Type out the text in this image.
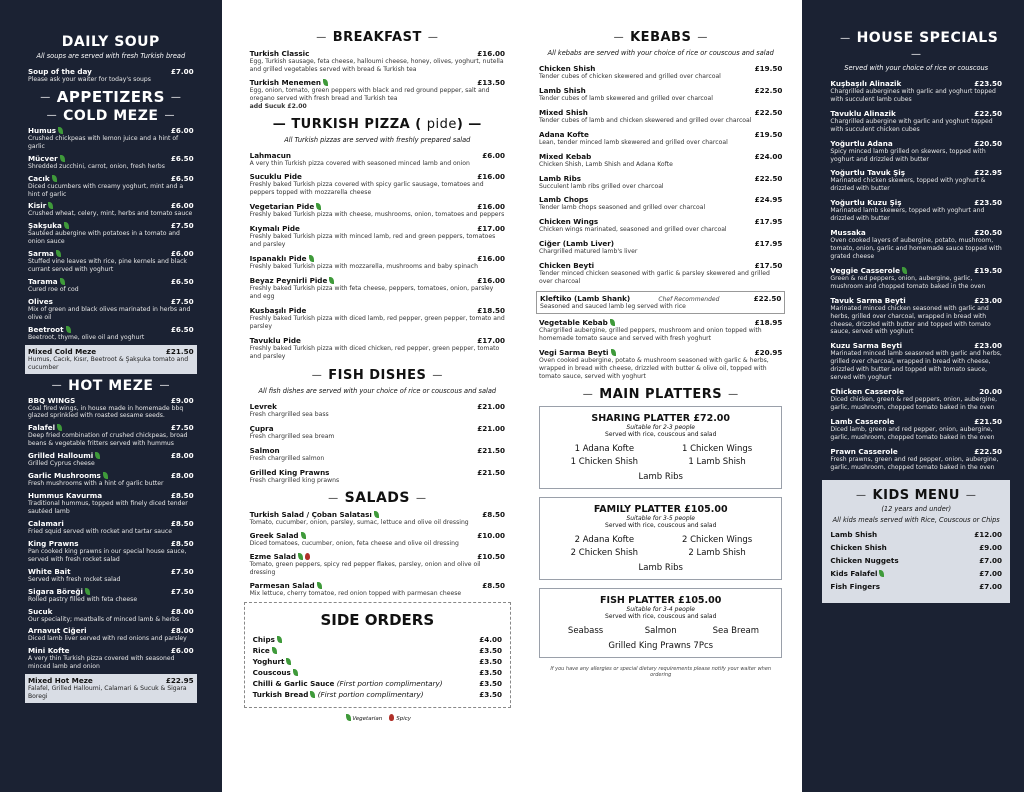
DAILY SOUP
All soups are served with fresh Turkish bread
Soup of the day	£7.00
Please ask your waiter for today's soups
— APPETIZERS —
— COLD MEZE —
Humus	£6.00
Crushed chickpeas with lemon juice and a hint of garlic
Mücver	£6.50
Shredded zucchini, carrot, onion, fresh herbs
Cacık	£6.50
Diced cucumbers with creamy yoghurt, mint and a hint of garlic
Kisir	£6.00
Crushed wheat, celery, mint, herbs and tomato sauce
Şakşuka	£7.50
Sautéed aubergine with potatoes in a tomato and onion sauce
Sarma	£6.00
Stuffed vine leaves with rice, pine kernels and black currant served with yoghurt
Tarama	£6.50
Cured roe of cod
Olives	£7.50
Mix of green and black olives marinated in herbs and olive oil
Beetroot	£6.50
Beetroot, thyme, olive oil and yoghurt
Mixed Cold Meze	£21.50
Humus, Cacık, Kısır, Beetroot & Şakşuka tomato and cucumber
— HOT MEZE —
BBQ WINGS	£9.00
Coal fired wings, in house made in homemade bbq glazed sprinkled with roasted sesame seeds.
Falafel	£7.50
Deep fried combination of crushed chickpeas, broad beans & vegetable fritters served with hummus
Grilled Halloumi	£8.00
Grilled Cyprus cheese
Garlic Mushrooms	£8.00
Fresh mushrooms with a hint of garlic butter
Hummus Kavurma	£8.50
Traditional hummus, topped with finely diced tender sautéed lamb
Calamari	£8.50
Fried squid served with rocket and tartar sauce
King Prawns	£8.50
Pan cooked king prawns in our special house sauce, served with fresh rocket salad
White Bait	£7.50
Served with fresh rocket salad
Sigara Böreği	£7.50
Rolled pastry filled with feta cheese
Sucuk	£8.00
Our speciality; meatballs of minced lamb & herbs
Arnavut Ciğeri	£8.00
Diced lamb liver served with red onions and parsley
Mini Kofte	£6.00
A very thin Turkish pizza covered with seasoned minced lamb and onion
Mixed Hot Meze	£22.95
Falafel, Grilled Halloumi, Calamari & Sucuk & Sigara Boregi
— BREAKFAST —
Turkish Classic	£16.00
Egg, Turkish sausage, feta cheese, halloumi cheese, honey, olives, yoghurt, nutella and grilled vegetables served with bread & Turkish tea
Turkish Menemen	£13.50
Egg, onion, tomato, green peppers with black and red ground pepper, salt and oregano served with fresh bread and Turkish tea
add Sucuk £2.00
— TURKISH PIZZA ( pide) —
All Turkish pizzas are served with freshly prepared salad
Lahmacun	£6.00
A very thin Turkish pizza covered with seasoned minced lamb and onion
Sucuklu Pide	£16.00
Freshly baked Turkish pizza covered with spicy garlic sausage, tomatoes and peppers topped with mozzarella cheese
Vegetarian Pide	£16.00
Freshly baked Turkish pizza with cheese, mushrooms, onion, tomatoes and peppers
Kıymalı Pide	£17.00
Freshly baked Turkish pizza with minced lamb, red and green peppers, tomatoes and parsley
Ispanaklı Pide	£16.00
Freshly baked Turkish pizza with mozzarella, mushrooms and baby spinach
Beyaz Peynirli Pide	£16.00
Freshly baked Turkish pizza with feta cheese, peppers, tomatoes, onion, parsley and egg
Kusbaşılı Pide	£18.50
Freshly baked Turkish pizza with diced lamb, red pepper, green pepper, tomato and parsley
Tavuklu Pide	£17.00
Freshly baked Turkish pizza with diced chicken, red pepper, green pepper, tomato and parsley
— FISH DISHES —
All fish dishes are served with your choice of rice or couscous and salad
Levrek	£21.00
Fresh chargrilled sea bass
Çupra	£21.00
Fresh chargrilled sea bream
Salmon	£21.50
Fresh chargrilled salmon
Grilled King Prawns	£21.50
Fresh chargrilled king prawns
— SALADS —
Turkish Salad / Çoban Salatası	£8.50
Tomato, cucumber, onion, parsley, sumac, lettuce and olive oil dressing
Greek Salad	£10.00
Diced tomatoes, cucumber, onion, feta cheese and olive oil dressing
Ezme Salad	£10.50
Tomato, green peppers, spicy red pepper flakes, parsley, onion and olive oil dressing
Parmesan Salad	£8.50
Mix lettuce, cherry tomatoe, red onion topped with parmesan cheese
SIDE ORDERS
Chips	£4.00
Rice	£3.50
Yoghurt	£3.50
Couscous	£3.50
Chilli & Garlic Sauce (First portion complimentary)	£3.50
Turkish Bread (First portion complimentary)	£3.50
Vegetarian	Spicy
— KEBABS —
All kebabs are served with your choice of rice or couscous and salad
Chicken Shish	£19.50
Tender cubes of chicken skewered and grilled over charcoal
Lamb Shish	£22.50
Tender cubes of lamb skewered and grilled over charcoal
Mixed Shish	£22.50
Tender cubes of lamb and chicken skewered and grilled over charcoal
Adana Kofte	£19.50
Lean, tender minced lamb skewered and grilled over charcoal
Mixed Kebab	£24.00
Chicken Shish, Lamb Shish and Adana Kofte
Lamb Ribs	£22.50
Succulent lamb ribs grilled over charcoal
Lamb Chops	£24.95
Tender lamb chops seasoned and grilled over charcoal
Chicken Wings	£17.95
Chicken wings marinated, seasoned and grilled over charcoal
Ciğer (Lamb Liver)	£17.95
Chargrilled matured lamb's liver
Chicken Beyti	£17.50
Tender minced chicken seasoned with garlic & parsley skewered and grilled over charcoal
Kleftiko (Lamb Shank)	Chef Recommended	£22.50
Seasoned and sauced lamb leg served with rice
Vegetable Kebab	£18.95
Chargrilled aubergine, grilled peppers, mushroom and onion topped with homemade tomato sauce and served with fresh yoghurt
Vegi Sarma Beyti	£20.95
Oven cooked aubergine, potato & mushroom seasoned with garlic & herbs, wrapped in bread with cheese, drizzled with butter & olive oil, topped with tomato sauce, served with yoghurt
— MAIN PLATTERS —
SHARING PLATTER £72.00
Suitable for 2-3 people
Served with rice, couscous and salad
1 Adana Kofte	1 Chicken Wings
1 Chicken Shish	1 Lamb Shish
Lamb Ribs
FAMILY PLATTER £105.00
Suitable for 3-5 people
Served with rice, couscous and salad
2 Adana Kofte	2 Chicken Wings
2 Chicken Shish	2 Lamb Shish
Lamb Ribs
FISH PLATTER £105.00
Suitable for 3-4 people
Served with rice, couscous and salad
Seabass	Salmon	Sea Bream
Grilled King Prawns 7Pcs
If you have any allergies or special dietary requirements please notify your waiter when ordering
— HOUSE SPECIALS —
Served with your choice of rice or couscous
Kuşbaşılı Alinazik	£23.50
Chargrilled aubergines with garlic and yoghurt topped with succulent lamb cubes
Tavuklu Alinazik	£22.50
Chargrilled aubergine with garlic and yoghurt topped with succulent chicken cubes
Yoğurtlu Adana	£20.50
Spicy minced lamb grilled on skewers, topped with yoghurt and drizzled with butter
Yoğurtlu Tavuk Şiş	£22.95
Marinated chicken skewers, topped with yoghurt & drizzled with butter
Yoğurtlu Kuzu Şiş	£23.50
Marinated lamb skewers, topped with yoghurt and drizzled with butter
Mussaka	£20.50
Oven cooked layers of aubergine, potato, mushroom, tomato, onion, garlic and homemade sauce topped with grated cheese
Veggie Casserole	£19.50
Green & red peppers, onion, aubergine, garlic, mushroom and chopped tomato baked in the oven
Tavuk Sarma Beyti	£23.00
Marinated minced chicken seasoned with garlic and herbs, grilled over charcoal, wrapped in bread with cheese, drizzled with butter and topped with tomato sauce, served with yoghurt
Kuzu Sarma Beyti	£23.00
Marinated minced lamb seasoned with garlic and herbs, grilled over charcoal, wrapped in bread with cheese, drizzled with butter and topped with tomato sauce, served with yoghurt
Chicken Casserole	20.00
Diced chicken, green & red peppers, onion, aubergine, garlic, mushroom, chopped tomato baked in the oven
Lamb Casserole	£21.50
Diced lamb, green and red pepper, onion, aubergine, garlic, mushroom, chopped tomato baked in the oven
Prawn Casserole	£22.50
Fresh prawns, green and red pepper, onion, aubergine, garlic, mushroom, chopped tomato baked in the oven
— KIDS MENU —
(12 years and under)
All kids meals served with Rice, Couscous or Chips
Lamb Shish	£12.00
Chicken Shish	£9.00
Chicken Nuggets	£7.00
Kids Falafel	£7.00
Fish Fingers	£7.00
